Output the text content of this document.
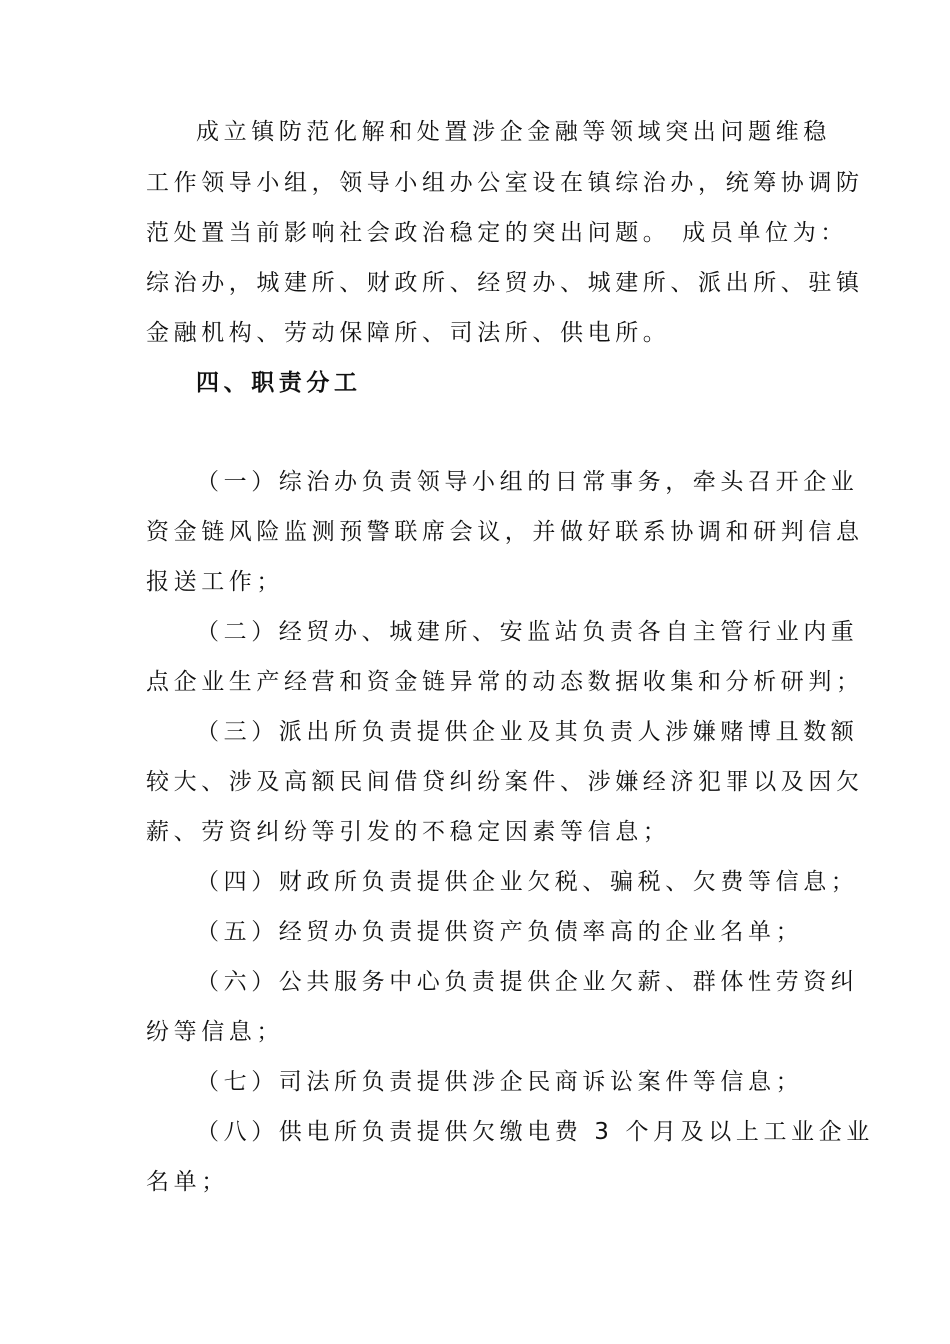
成立镇防范化解和处置涉企金融等领域突出问题维稳
工作领导小组，领导小组办公室设在镇综治办，统筹协调防
范处置当前影响社会政治稳定的突出问题。 成员单位为：
综治办，城建所、财政所、经贸办、城建所、派出所、驻镇
金融机构、劳动保障所、司法所、供电所。
四、职责分工
（一）综治办负责领导小组的日常事务，牵头召开企业
资金链风险监测预警联席会议，并做好联系协调和研判信息
报送工作；
（二）经贸办、城建所、安监站负责各自主管行业内重
点企业生产经营和资金链异常的动态数据收集和分析研判；
（三）派出所负责提供企业及其负责人涉嫌赌博且数额
较大、涉及高额民间借贷纠纷案件、涉嫌经济犯罪以及因欠
薪、劳资纠纷等引发的不稳定因素等信息；
（四）财政所负责提供企业欠税、骗税、欠费等信息；
（五）经贸办负责提供资产负债率高的企业名单；
（六）公共服务中心负责提供企业欠薪、群体性劳资纠
纷等信息；
（七）司法所负责提供涉企民商诉讼案件等信息；
（八）供电所负责提供欠缴电费 3 个月及以上工业企业
名单；
